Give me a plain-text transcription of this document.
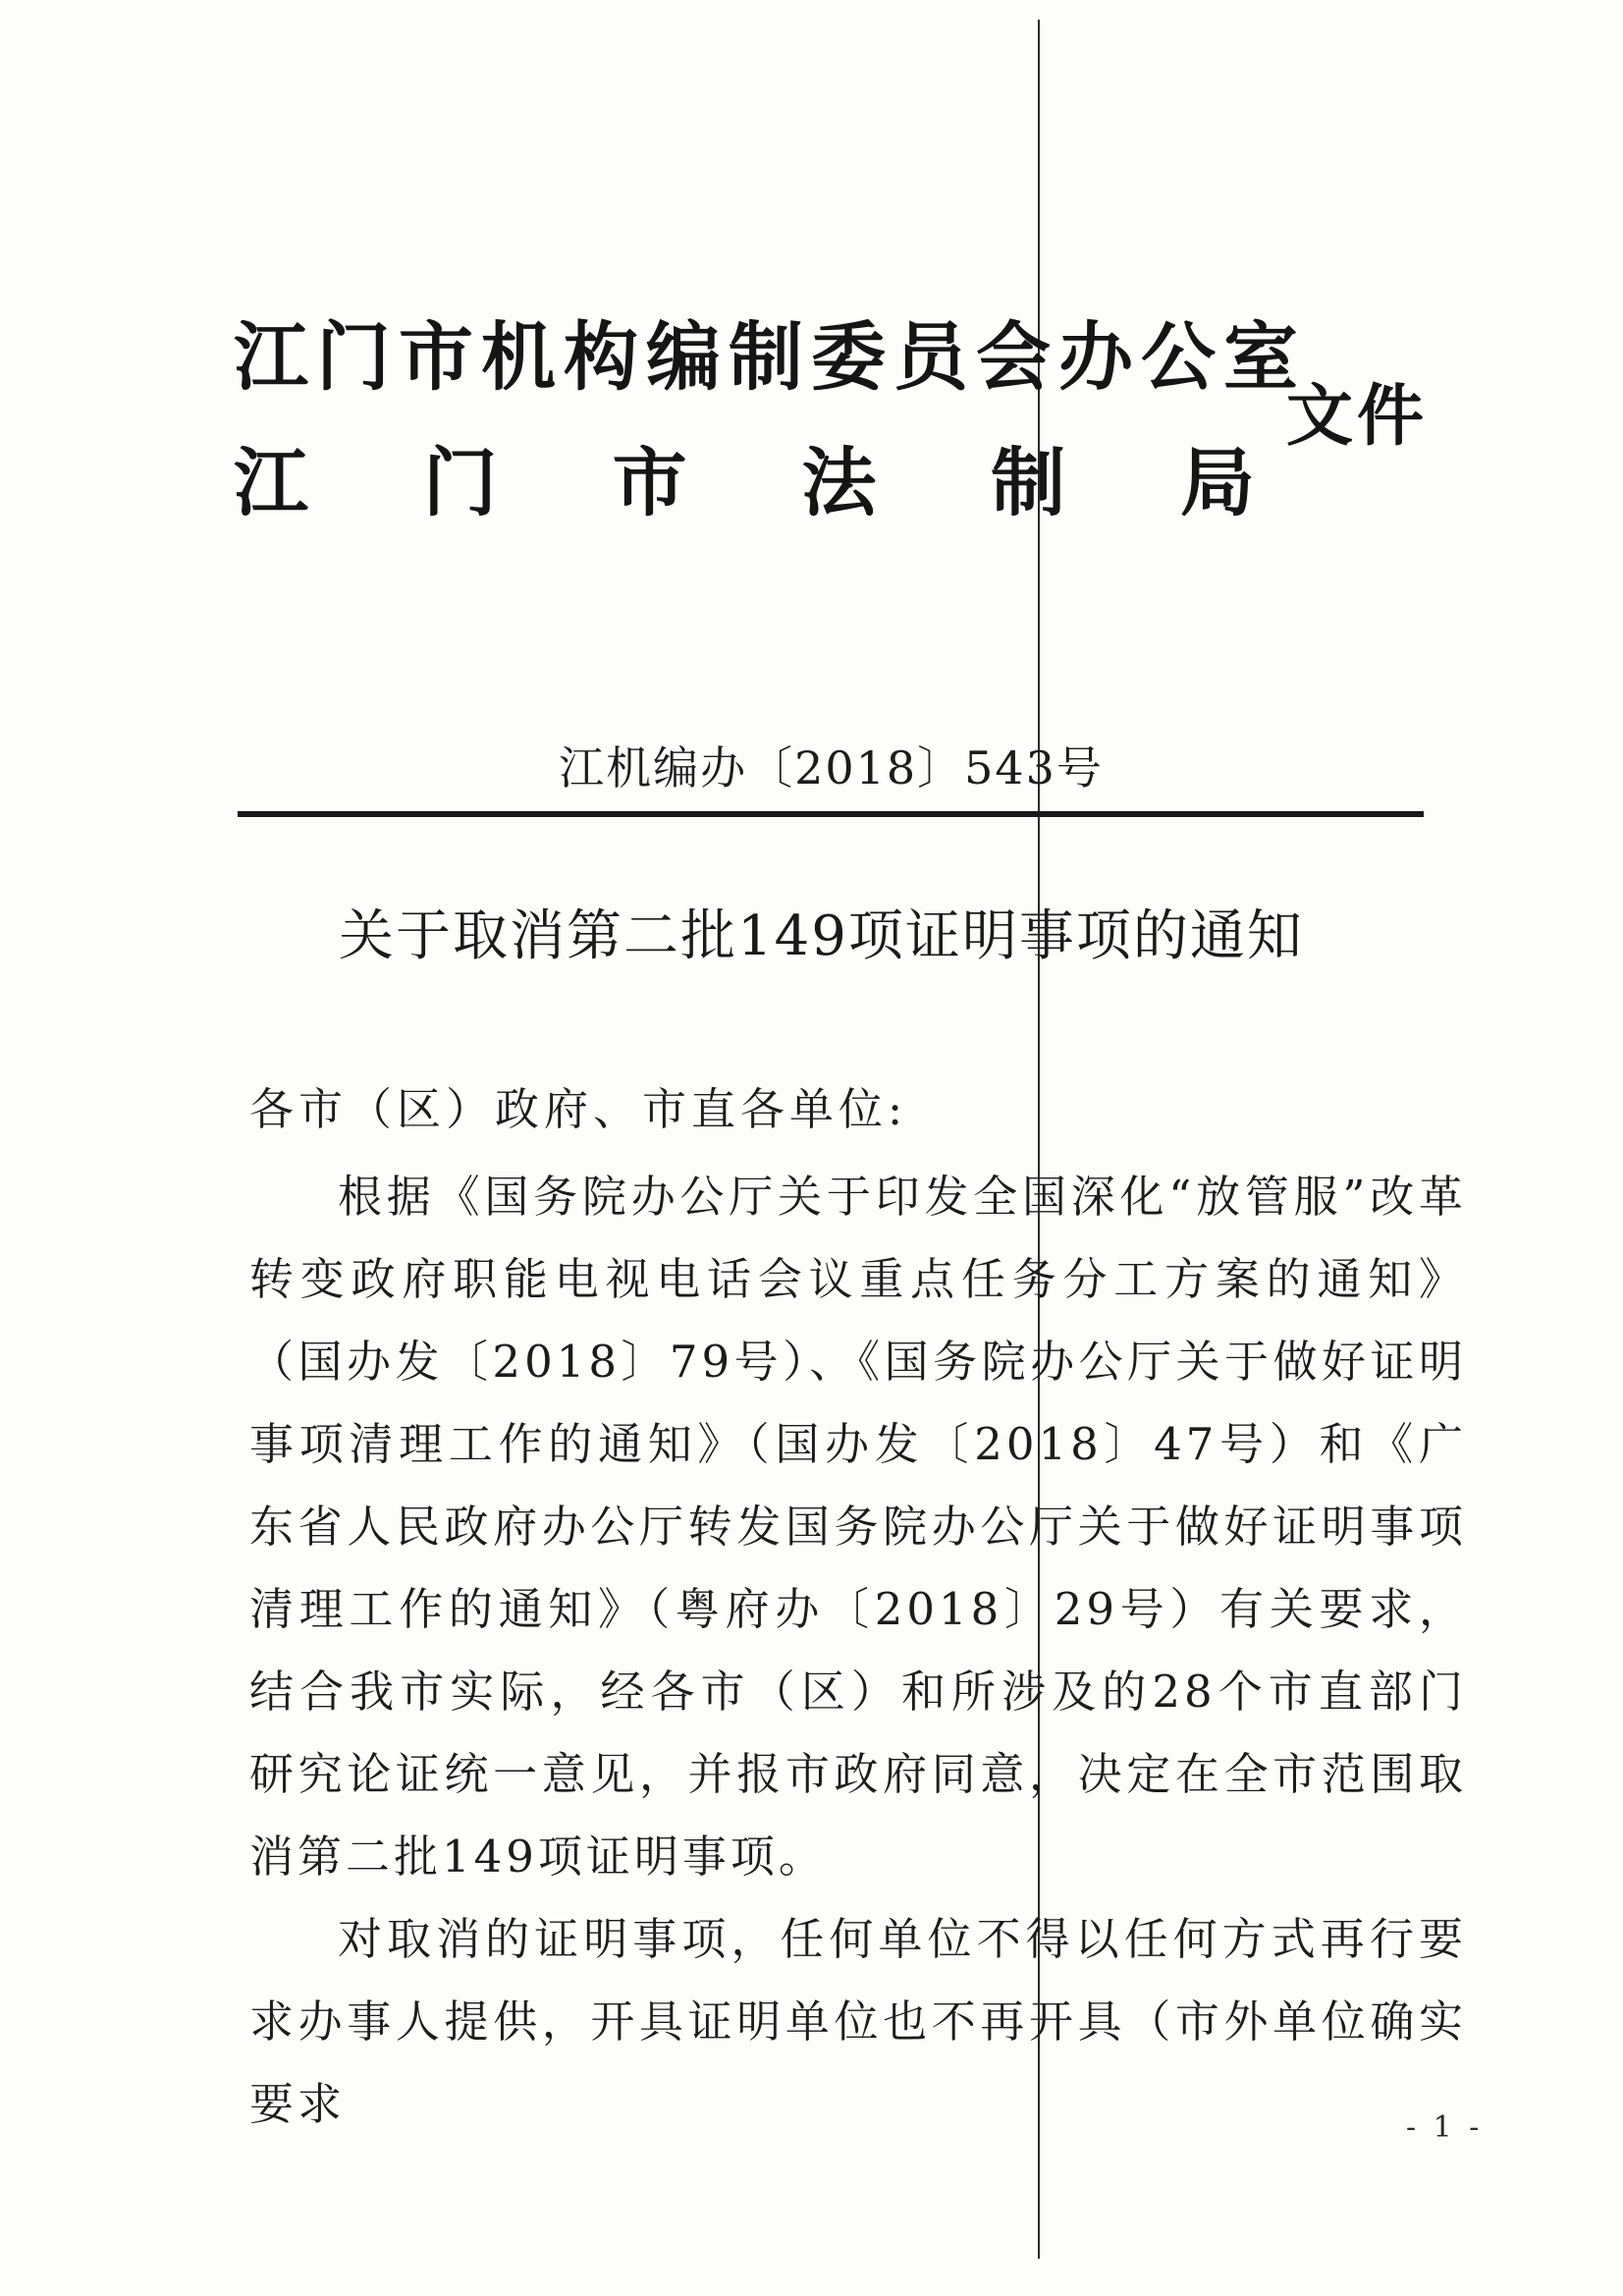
江门市机构编制委员会办公室
江 门 市 法 制 局
文件
江机编办〔2018〕543号
关于取消第二批149项证明事项的通知
各市（区）政府、市直各单位:

根据《国务院办公厅关于印发全国深化“放管服”改革转变政府职能电视电话会议重点任务分工方案的通知》（国办发〔2018〕79号）、《国务院办公厅关于做好证明事项清理工作的通知》（国办发〔2018〕47号）和《广东省人民政府办公厅转发国务院办公厅关于做好证明事项清理工作的通知》（粤府办〔2018〕29号）有关要求，结合我市实际，经各市（区）和所涉及的28个市直部门研究论证统一意见，并报市政府同意，决定在全市范围取消第二批149项证明事项。

对取消的证明事项，任何单位不得以任何方式再行要求办事人提供，开具证明单位也不再开具（市外单位确实要求	- 1 -
